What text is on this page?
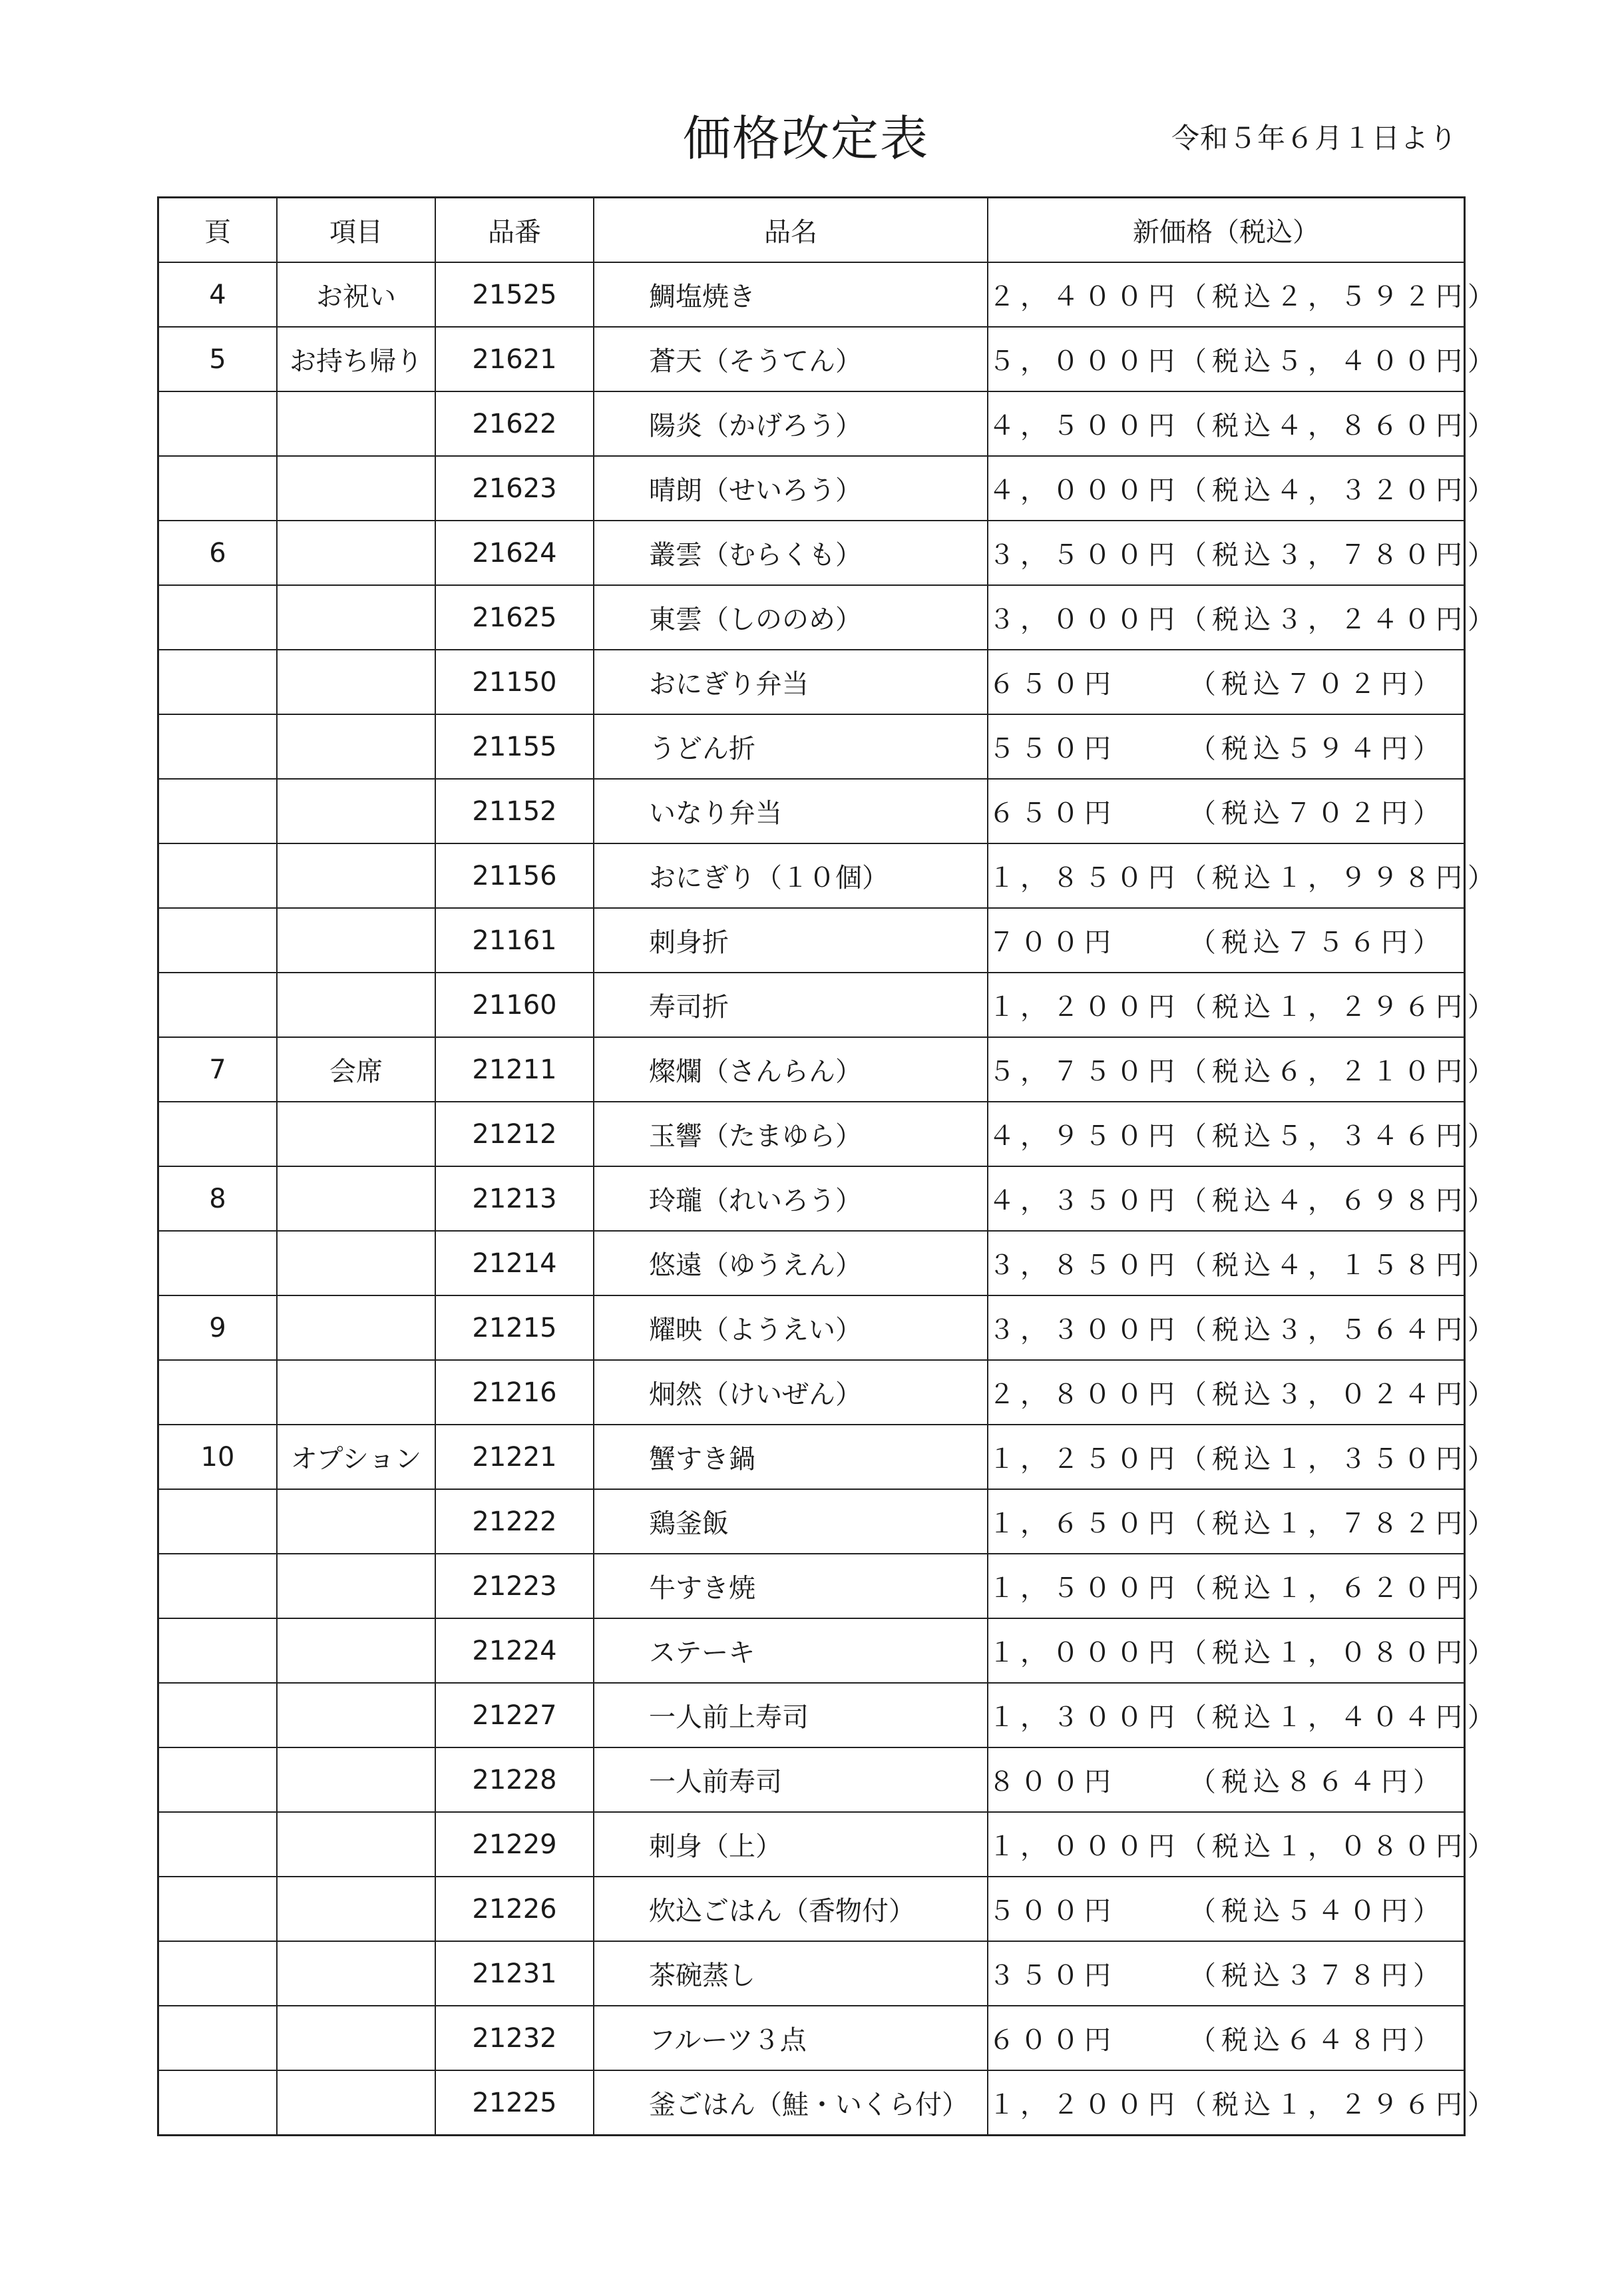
価格改定表	令和５年６月１日より
頁	項目	品番	品名	新価格（税込）
4	お祝い	21525	鯛塩焼き	２，４００円（税込２，５９２円）
5	お持ち帰り	21621	蒼天（そうてん）	５，０００円（税込５，４００円）
		21622	陽炎（かげろう）	４，５００円（税込４，８６０円）
		21623	晴朗（せいろう）	４，０００円（税込４，３２０円）
6		21624	叢雲（むらくも）	３，５００円（税込３，７８０円）
		21625	東雲（しののめ）	３，０００円（税込３，２４０円）
		21150	おにぎり弁当	６５０円 （税込７０２円）
		21155	うどん折	５５０円 （税込５９４円）
		21152	いなり弁当	６５０円 （税込７０２円）
		21156	おにぎり（１０個）	１，８５０円（税込１，９９８円）
		21161	刺身折	７００円 （税込７５６円）
		21160	寿司折	１，２００円（税込１，２９６円）
7	会席	21211	燦爛（さんらん）	５，７５０円（税込６，２１０円）
		21212	玉響（たまゆら）	４，９５０円（税込５，３４６円）
8		21213	玲瓏（れいろう）	４，３５０円（税込４，６９８円）
		21214	悠遠（ゆうえん）	３，８５０円（税込４，１５８円）
9		21215	耀映（ようえい）	３，３００円（税込３，５６４円）
		21216	炯然（けいぜん）	２，８００円（税込３，０２４円）
10	オプション	21221	蟹すき鍋	１，２５０円（税込１，３５０円）
		21222	鶏釜飯	１，６５０円（税込１，７８２円）
		21223	牛すき焼	１，５００円（税込１，６２０円）
		21224	ステーキ	１，０００円（税込１，０８０円）
		21227	一人前上寿司	１，３００円（税込１，４０４円）
		21228	一人前寿司	８００円 （税込８６４円）
		21229	刺身（上）	１，０００円（税込１，０８０円）
		21226	炊込ごはん（香物付）	５００円 （税込５４０円）
		21231	茶碗蒸し	３５０円 （税込３７８円）
		21232	フルーツ３点	６００円 （税込６４８円）
		21225	釜ごはん（鮭・いくら付）	１，２００円（税込１，２９６円）
